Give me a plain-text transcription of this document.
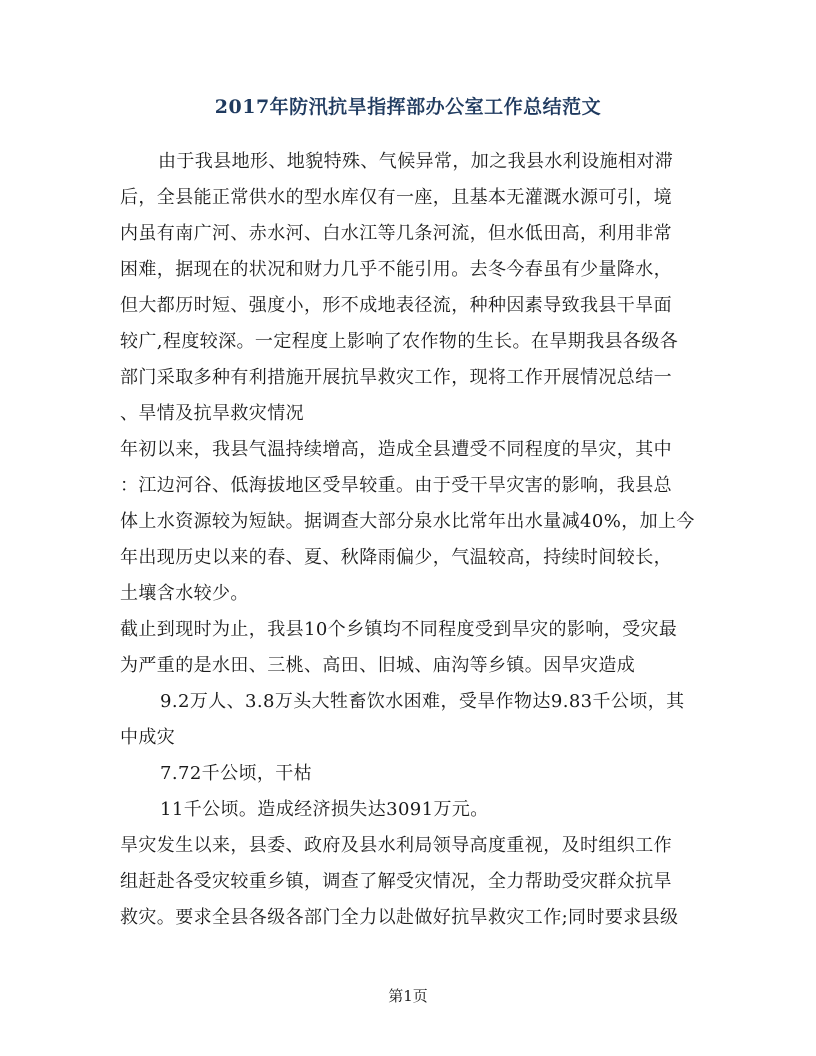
2017年防汛抗旱指挥部办公室工作总结范文
由于我县地形、地貌特殊、气候异常，加之我县水利设施相对滞
后，全县能正常供水的型水库仅有一座，且基本无灌溉水源可引，境
内虽有南广河、赤水河、白水江等几条河流，但水低田高，利用非常
困难，据现在的状况和财力几乎不能引用。去冬今春虽有少量降水，
但大都历时短、强度小，形不成地表径流，种种因素导致我县干旱面
较广,程度较深。一定程度上影响了农作物的生长。在旱期我县各级各
部门采取多种有利措施开展抗旱救灾工作，现将工作开展情况总结一
、旱情及抗旱救灾情况
年初以来，我县气温持续增高，造成全县遭受不同程度的旱灾，其中
：江边河谷、低海拔地区受旱较重。由于受干旱灾害的影响，我县总
体上水资源较为短缺。据调查大部分泉水比常年出水量减40%，加上今
年出现历史以来的春、夏、秋降雨偏少，气温较高，持续时间较长，
土壤含水较少。
截止到现时为止，我县10个乡镇均不同程度受到旱灾的影响，受灾最
为严重的是水田、三桃、高田、旧城、庙沟等乡镇。因旱灾造成
9.2万人、3.8万头大牲畜饮水困难，受旱作物达9.83千公顷，其
中成灾
7.72千公顷，干枯
11千公顷。造成经济损失达3091万元。
旱灾发生以来，县委、政府及县水利局领导高度重视，及时组织工作
组赶赴各受灾较重乡镇，调查了解受灾情况，全力帮助受灾群众抗旱
救灾。要求全县各级各部门全力以赴做好抗旱救灾工作;同时要求县级
第1页
